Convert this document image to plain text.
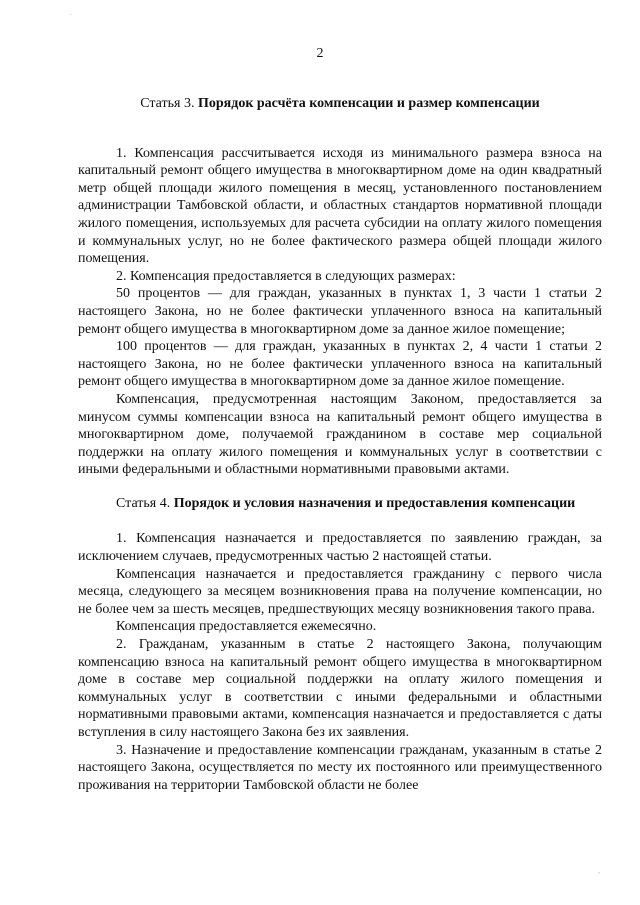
.
,
2
Статья 3. Порядок расчёта компенсации и размер компенсации

1. Компенсация рассчитывается исходя из минимального размера взноса на капитальный ремонт общего имущества в многоквартирном доме на один квадратный метр общей площади жилого помещения в месяц, установленного постановлением администрации Тамбовской области, и областных стандартов нормативной площади жилого помещения, используемых для расчета субсидии на оплату жилого помещения и коммунальных услуг, но не более фактического размера общей площади жилого помещения.

2. Компенсация предоставляется в следующих размерах:

50 процентов — для граждан, указанных в пунктах 1, 3 части 1 статьи 2 настоящего Закона, но не более фактически уплаченного взноса на капитальный ремонт общего имущества в многоквартирном доме за данное жилое помещение;

100 процентов — для граждан, указанных в пунктах 2, 4 части 1 статьи 2 настоящего Закона, но не более фактически уплаченного взноса на капитальный ремонт общего имущества в многоквартирном доме за данное жилое помещение.

Компенсация, предусмотренная настоящим Законом, предоставляется за минусом суммы компенсации взноса на капитальный ремонт общего имущества в многоквартирном доме, получаемой гражданином в составе мер социальной поддержки на оплату жилого помещения и коммунальных услуг в соответствии с иными федеральными и областными нормативными правовыми актами.

Статья 4. Порядок и условия назначения и предоставления компенсации

1. Компенсация назначается и предоставляется по заявлению граждан, за исключением случаев, предусмотренных частью 2 настоящей статьи.

Компенсация назначается и предоставляется гражданину с первого числа месяца, следующего за месяцем возникновения права на получение компенсации, но не более чем за шесть месяцев, предшествующих месяцу возникновения такого права.

Компенсация предоставляется ежемесячно.

2. Гражданам, указанным в статье 2 настоящего Закона, получающим компенсацию взноса на капитальный ремонт общего имущества в многоквартирном доме в составе мер социальной поддержки на оплату жилого помещения и коммунальных услуг в соответствии с иными федеральными и областными нормативными правовыми актами, компенсация назначается и предоставляется с даты вступления в силу настоящего Закона без их заявления.

3. Назначение и предоставление компенсации гражданам, указанным в статье 2 настоящего Закона, осуществляется по месту их постоянного или преимущественного проживания на территории Тамбовской области не более
